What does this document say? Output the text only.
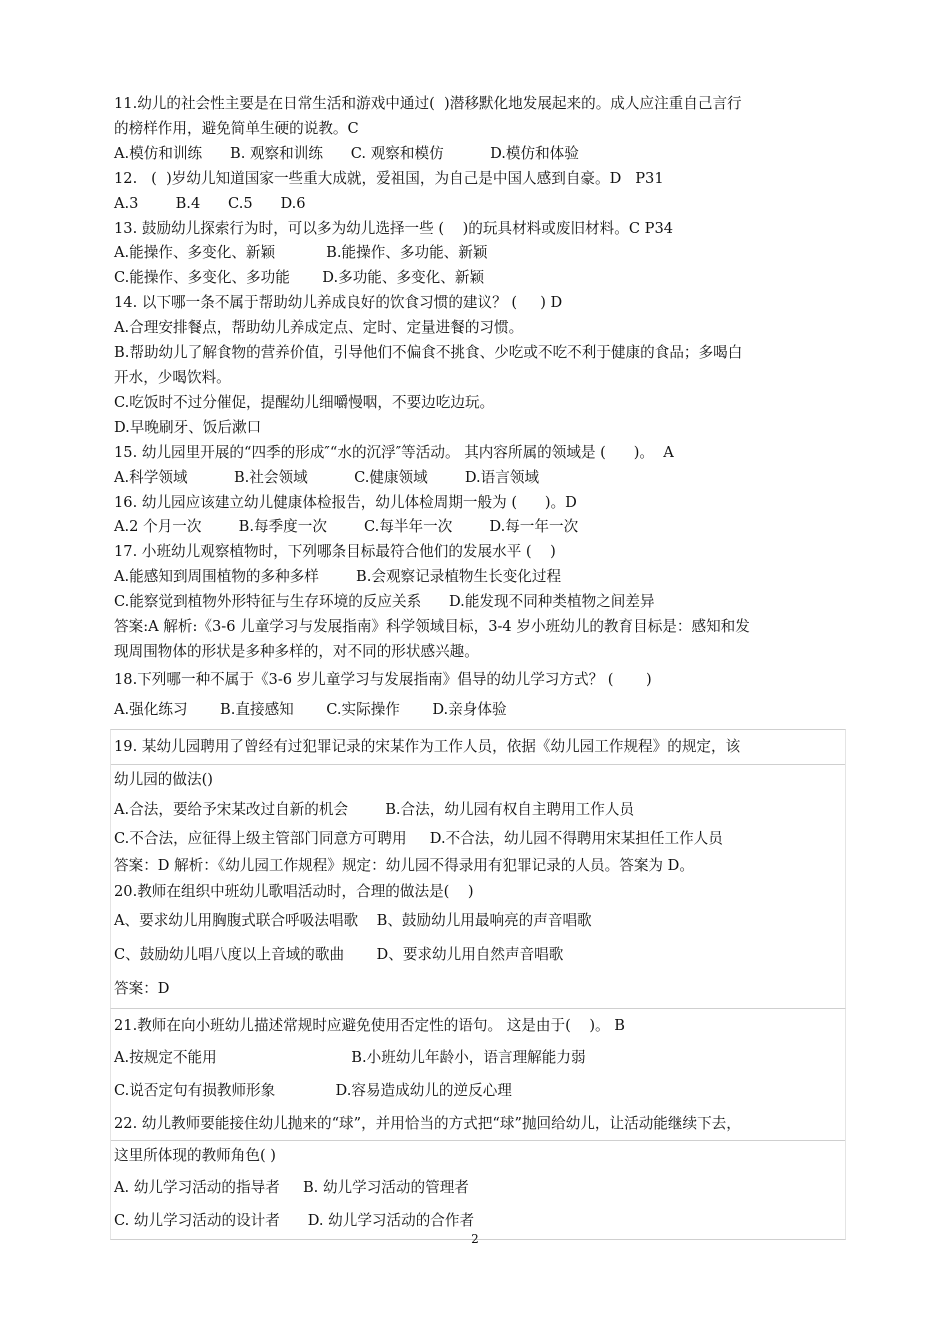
11.幼儿的社会性主要是在日常生活和游戏中通过(  )潜移默化地发展起来的。成人应注重自己言行
的榜样作用，避免简单生硬的说教。C
A.模仿和训练      B. 观察和训练      C. 观察和模仿          D.模仿和体验
12.   (  )岁幼儿知道国家一些重大成就，爱祖国，为自己是中国人感到自豪。D   P31
A.3        B.4      C.5      D.6
13. 鼓励幼儿探索行为时，可以多为幼儿选择一些 (    )的玩具材料或废旧材料。C P34
A.能操作、多变化、新颖           B.能操作、多功能、新颖
C.能操作、多变化、多功能       D.多功能、多变化、新颖
14. 以下哪一条不属于帮助幼儿养成良好的饮食习惯的建议？ (     ) D
A.合理安排餐点，帮助幼儿养成定点、定时、定量进餐的习惯。
B.帮助幼儿了解食物的营养价值，引导他们不偏食不挑食、少吃或不吃不利于健康的食品；多喝白
开水，少喝饮料。
C.吃饭时不过分催促，提醒幼儿细嚼慢咽，不要边吃边玩。
D.早晚刷牙、饭后漱口
15. 幼儿园里开展的“四季的形成″“水的沉浮″等活动。 其内容所属的领域是 (      )。  A
A.科学领域          B.社会领域          C.健康领域        D.语言领域
16. 幼儿园应该建立幼儿健康体检报告，幼儿体检周期一般为 (      )。D
A.2 个月一次        B.每季度一次        C.每半年一次        D.每一年一次
17. 小班幼儿观察植物时，下列哪条目标最符合他们的发展水平 (    )
A.能感知到周围植物的多种多样        B.会观察记录植物生长变化过程
C.能察觉到植物外形特征与生存环境的反应关系      D.能发现不同种类植物之间差异
答案:A 解析:《3-6 儿童学习与发展指南》科学领域目标，3-4 岁小班幼儿的教育目标是：感知和发
现周围物体的形状是多种多样的，对不同的形状感兴趣。
18.下列哪一种不属于《3-6 岁儿童学习与发展指南》倡导的幼儿学习方式？ (       )
A.强化练习       B.直接感知       C.实际操作       D.亲身体验
19. 某幼儿园聘用了曾经有过犯罪记录的宋某作为工作人员，依据《幼儿园工作规程》的规定，该
幼儿园的做法()
A.合法，要给予宋某改过自新的机会        B.合法，幼儿园有权自主聘用工作人员
C.不合法，应征得上级主管部门同意方可聘用     D.不合法，幼儿园不得聘用宋某担任工作人员
答案：D 解析：《幼儿园工作规程》规定：幼儿园不得录用有犯罪记录的人员。答案为 D。
20.教师在组织中班幼儿歌唱活动时，合理的做法是(    )
A、要求幼儿用胸腹式联合呼吸法唱歌    B、鼓励幼儿用最响亮的声音唱歌
C、鼓励幼儿唱八度以上音域的歌曲       D、要求幼儿用自然声音唱歌
答案：D
21.教师在向小班幼儿描述常规时应避免使用否定性的语句。 这是由于(    )。 B
A.按规定不能用                             B.小班幼儿年龄小，语言理解能力弱
C.说否定句有损教师形象             D.容易造成幼儿的逆反心理
22. 幼儿教师要能接住幼儿抛来的“球”，并用恰当的方式把“球”抛回给幼儿，让活动能继续下去，
这里所体现的教师角色( )
A. 幼儿学习活动的指导者     B. 幼儿学习活动的管理者
C. 幼儿学习活动的设计者      D. 幼儿学习活动的合作者
2
